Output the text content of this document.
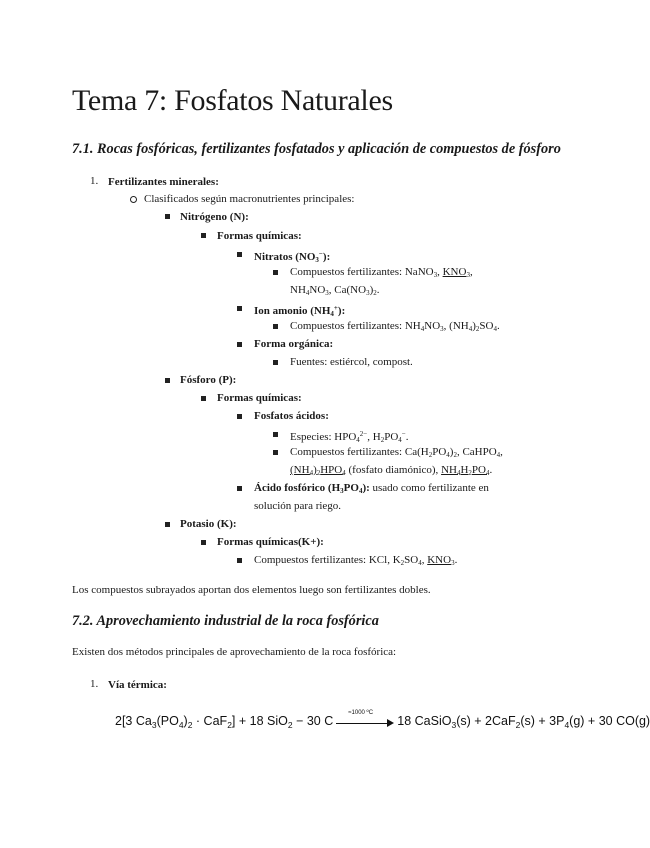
Tema 7: Fosfatos Naturales
7.1. Rocas fosfóricas, fertilizantes fosfatados y aplicación de compuestos de fósforo
1. Fertilizantes minerales:
Clasificados según macronutrientes principales:
Nitrógeno (N):
Formas químicas:
Nitratos $(NO_3^-)$:
Compuestos fertilizantes: NaNO$_3$, $KNO_3$,
$NH_4NO_3$, $Ca(NO_3)_2$.
Ion amonio $(NH_4^+)$:
Compuestos fertilizantes: $NH_4NO_3$, $(NH_4)_2SO_4$.
Forma orgánica:
Fuentes: estiércol, compost.
Fósforo (P):
Formas químicas:
Fosfatos ácidos:
Especies: $HPO_4^{2-}$, $H_2PO_4^-$.
Compuestos fertilizantes: $Ca(H_2PO_4)_2$, CaHPO$_4$,
$(NH_4)_2HPO_4$ (fosfato diamónico), $NH_4H_2PO_4$.
Ácido fosfórico $(H_3PO_4)$: usado como fertilizante en
solución para riego.
Potasio (K):
Formas químicas(K+):
Compuestos fertilizantes: KCl, $K_2SO_4$, $KNO_3$.
Los compuestos subrayados aportan dos elementos luego son fertilizantes dobles.
7.2. Aprovechamiento industrial de la roca fosfórica
Existen dos métodos principales de aprovechamiento de la roca fosfórica:
1. Vía térmica:
2[3 $Ca_3(PO_4)_2 \cdot CaF_2] + 18$ SiO$_2$ − 30 C
≈1000 ºC
18 CaSiO$_3$(s) + $2CaF_2(s) + 3P_4(g) + 30$ CO(g)
